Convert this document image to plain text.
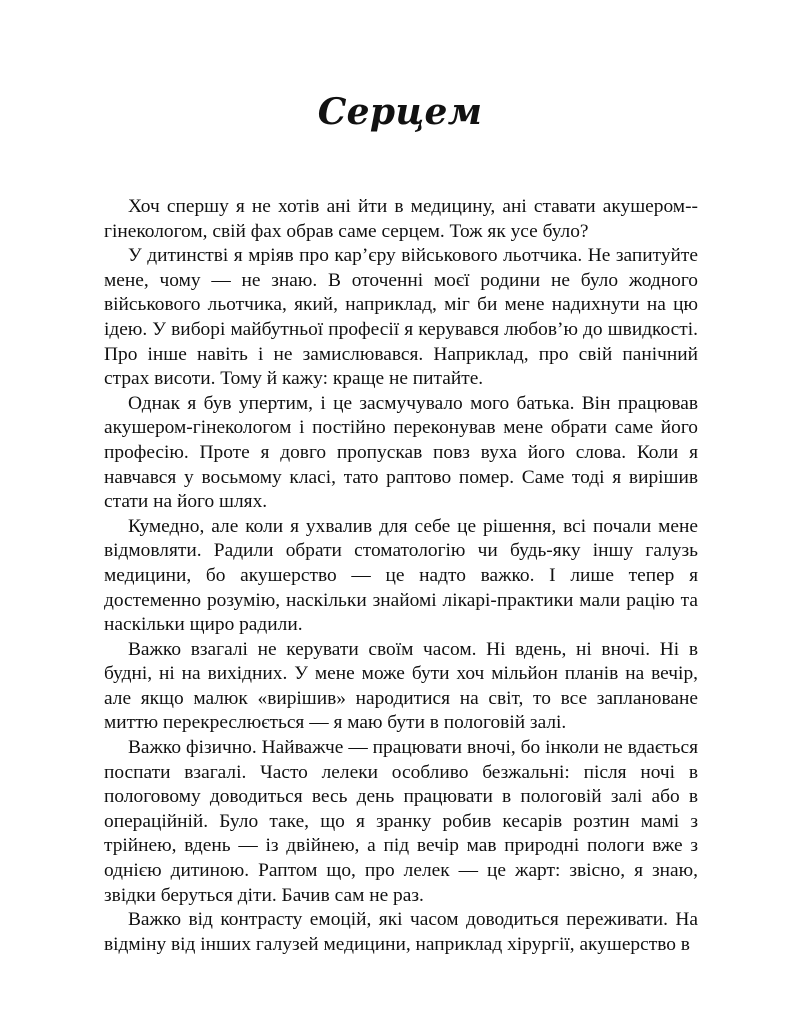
Серцем

Хоч спершу я не хотів ані йти в медицину, ані ставати акушером-гінекологом, свій фах обрав саме серцем. Тож як усе було?

У дитинстві я мріяв про кар’єру військового льотчика. Не запитуйте мене, чому — не знаю. В оточенні моєї родини не було жодного військового льотчика, який, наприклад, міг би мене надихнути на цю ідею. У виборі майбутньої професії я керувався любов’ю до швидкості. Про інше навіть і не замислювався. Наприклад, про свій панічний страх висоти. Тому й кажу: краще не питайте.

Однак я був упертим, і це засмучувало мого батька. Він працював акушером-гінекологом і постійно переконував мене обрати саме його професію. Проте я довго пропускав повз вуха його слова. Коли я навчався у восьмому класі, тато раптово помер. Саме тоді я вирішив стати на його шлях.

Кумедно, але коли я ухвалив для себе це рішення, всі почали мене відмовляти. Радили обрати стоматологію чи будь-яку іншу галузь медицини, бо акушерство — це надто важко. І лише тепер я достеменно розумію, наскільки знайомі лікарі-практики мали рацію та наскільки щиро радили.

Важко взагалі не керувати своїм часом. Ні вдень, ні вночі. Ні в будні, ні на вихідних. У мене може бути хоч мільйон планів на вечір, але якщо малюк «вирішив» народитися на світ, то все заплановане миттю перекреслюється — я маю бути в пологовій залі.

Важко фізично. Найважче — працювати вночі, бо інколи не вдається поспати взагалі. Часто лелеки особливо безжальні: після ночі в пологовому доводиться весь день працювати в пологовій залі або в операційній. Було таке, що я зранку робив кесарів розтин мамі з трійнею, вдень — із двійнею, а під вечір мав природні пологи вже з однією дитиною. Раптом що, про лелек — це жарт: звісно, я знаю, звідки беруться діти. Бачив сам не раз.

Важко від контрасту емоцій, які часом доводиться переживати. На відміну від інших галузей медицини, наприклад хірургії, акушерство в
